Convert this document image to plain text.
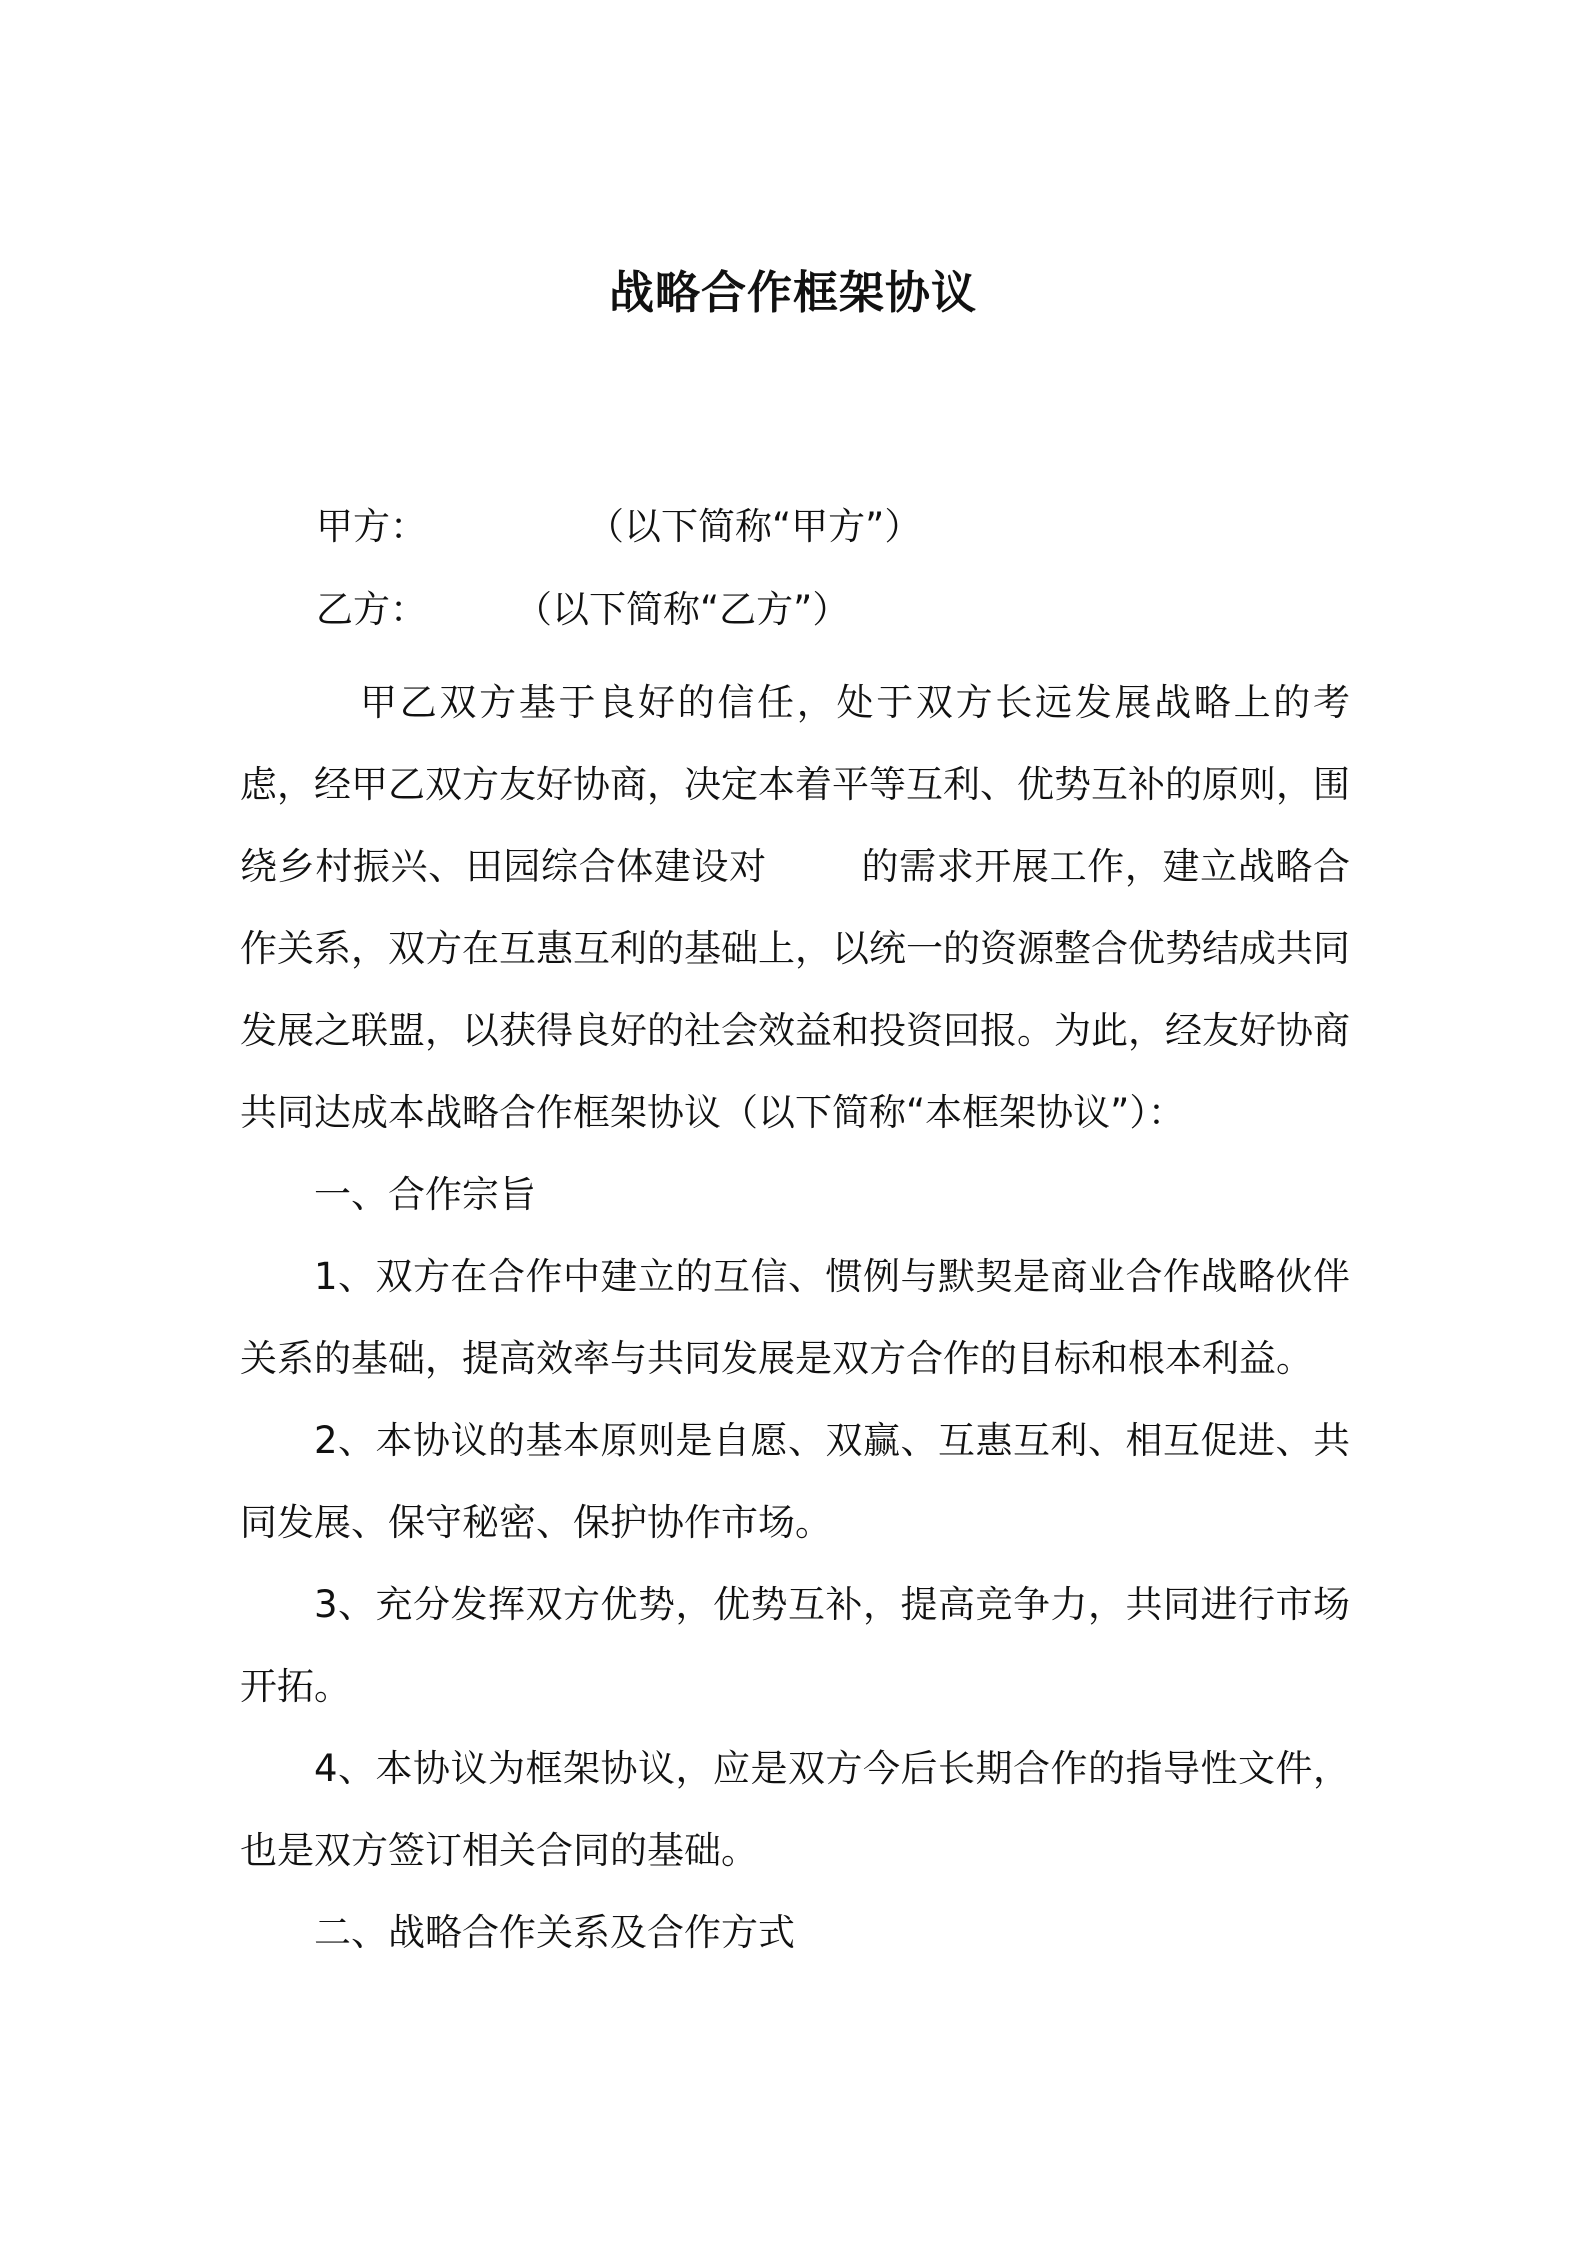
战略合作框架协议
甲方：	（以下简称“甲方”）
乙方： （以下简称“乙方”）

甲乙双方基于良好的信任，处于双方长远发展战略上的考虑，经甲乙双方友好协商，决定本着平等互利、优势互补的原则，围绕乡村振兴、田园综合体建设对	的需求开展工作，建立战略合作关系，双方在互惠互利的基础上，以统一的资源整合优势结成共同发展之联盟，以获得良好的社会效益和投资回报。为此，经友好协商共同达成本战略合作框架协议（以下简称“本框架协议”）：

一、合作宗旨

1、双方在合作中建立的互信、惯例与默契是商业合作战略伙伴关系的基础，提高效率与共同发展是双方合作的目标和根本利益。

2、本协议的基本原则是自愿、双赢、互惠互利、相互促进、共同发展、保守秘密、保护协作市场。

3、充分发挥双方优势，优势互补，提高竞争力，共同进行市场开拓。

4、本协议为框架协议，应是双方今后长期合作的指导性文件，也是双方签订相关合同的基础。

二、战略合作关系及合作方式
